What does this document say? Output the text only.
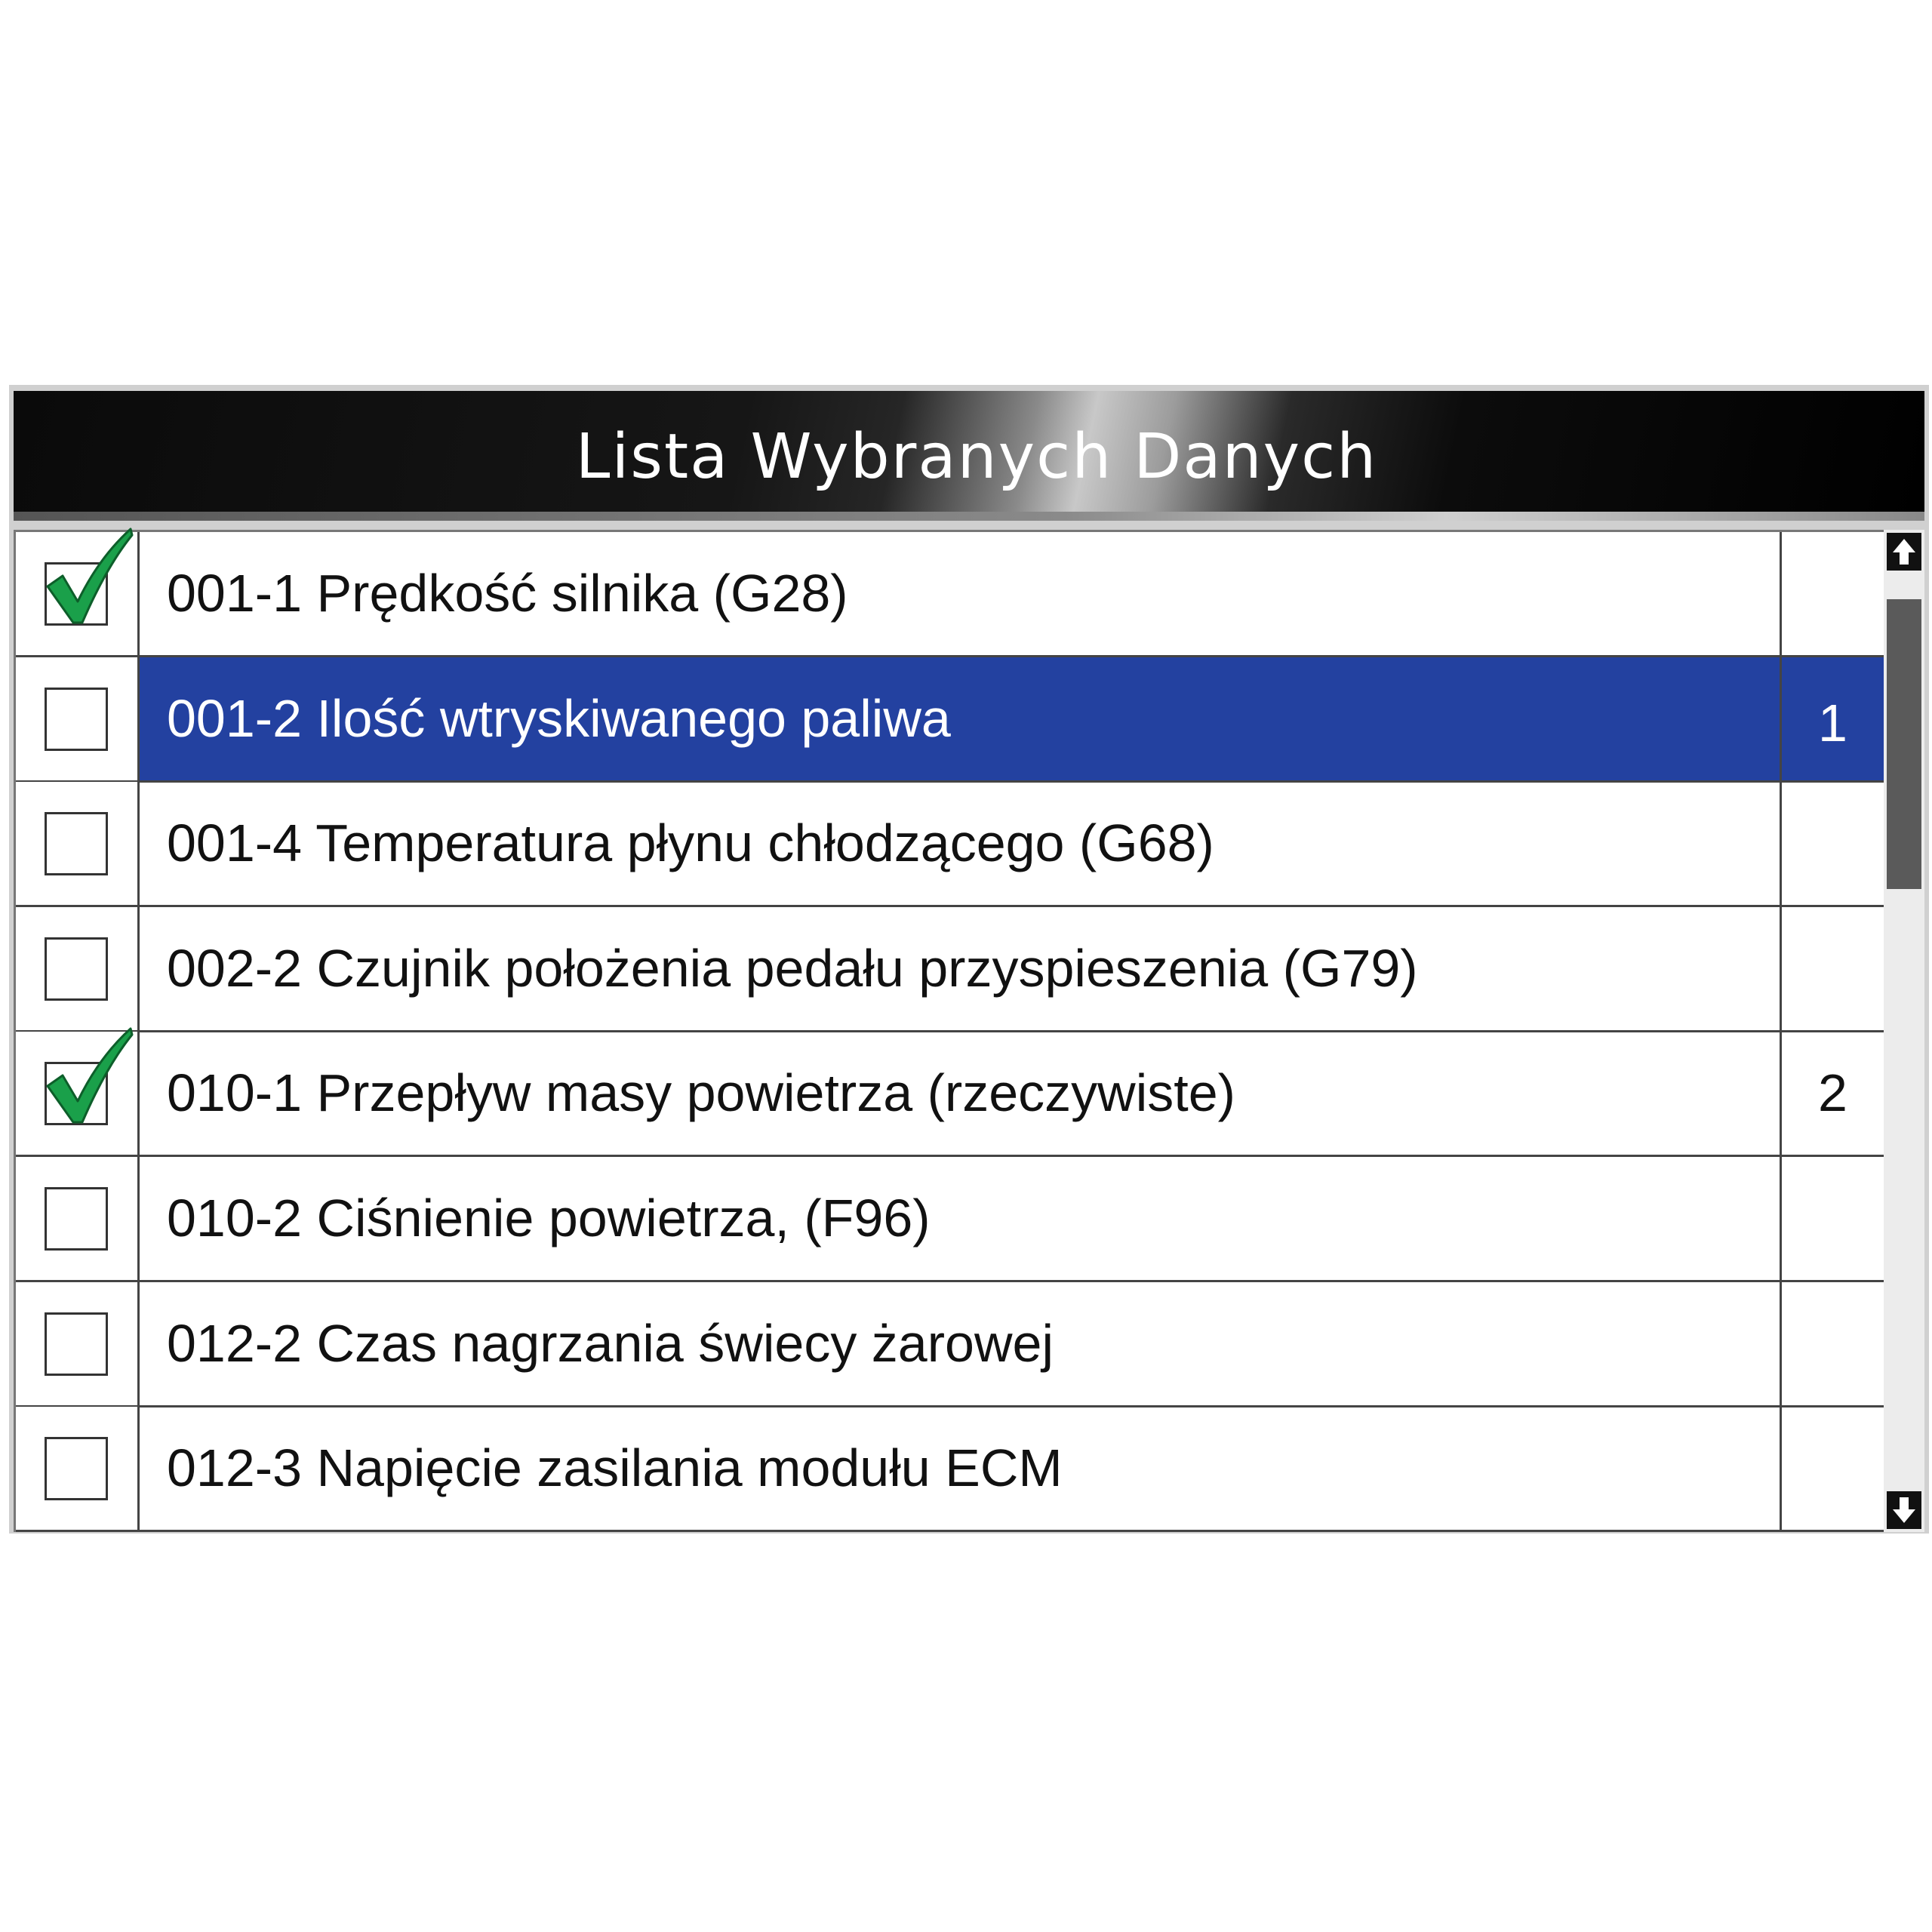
Lista Wybranych Danych
001-1 Prędkość silnika (G28)
001-2 Ilość wtryskiwanego paliwa	1
001-4 Temperatura płynu chłodzącego (G68)
002-2 Czujnik położenia pedału przyspieszenia (G79)
010-1 Przepływ masy powietrza (rzeczywiste)	2
010-2 Ciśnienie powietrza, (F96)
012-2 Czas nagrzania świecy żarowej
012-3 Napięcie zasilania modułu ECM
